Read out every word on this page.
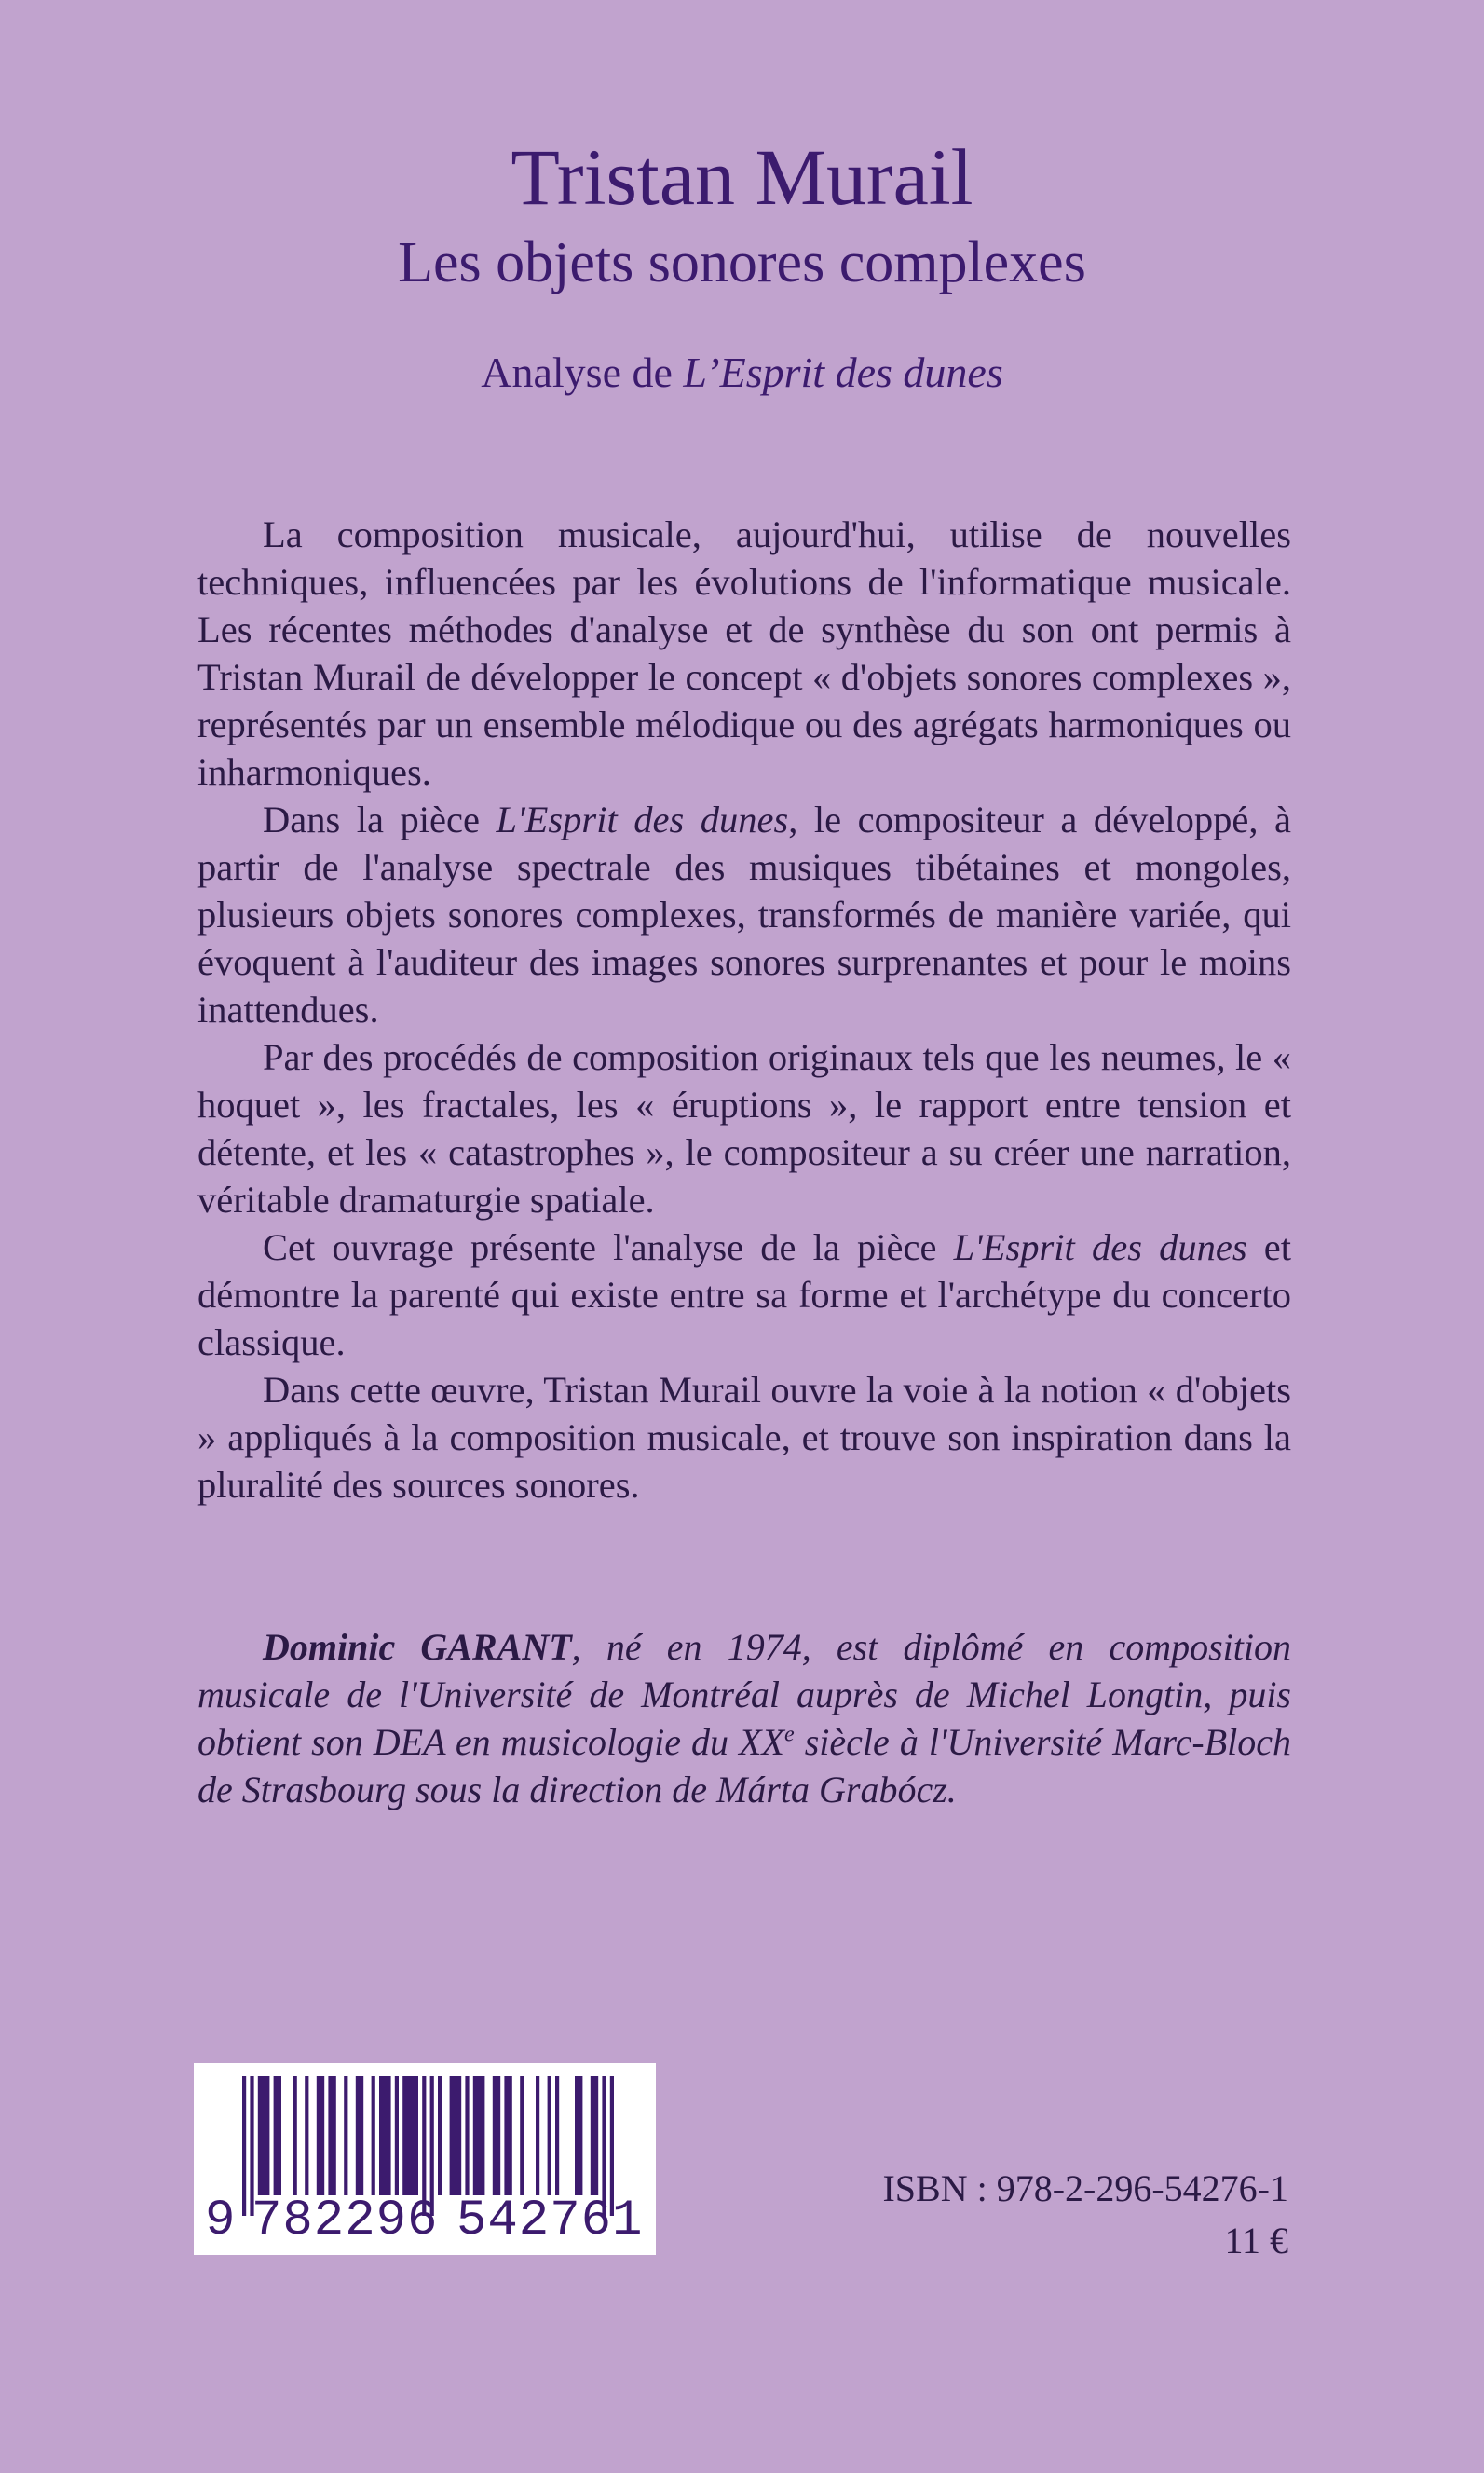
Tristan Murail
Les objets sonores complexes
Analyse de L’Esprit des dunes

La composition musicale, aujourd'hui, utilise de nouvelles techniques, influencées par les évolutions de l'informatique musicale. Les récentes méthodes d'analyse et de synthèse du son ont permis à Tristan Murail de développer le concept « d'objets sonores complexes », représentés par un ensemble mélodique ou des agrégats harmoniques ou inharmoniques.

Dans la pièce L'Esprit des dunes, le compositeur a développé, à partir de l'analyse spectrale des musiques tibétaines et mongoles, plusieurs objets sonores complexes, transformés de manière variée, qui évoquent à l'auditeur des images sonores surprenantes et pour le moins inattendues.

Par des procédés de composition originaux tels que les neumes, le « hoquet », les fractales, les « éruptions », le rapport entre tension et détente, et les « catastrophes », le compositeur a su créer une narration, véritable dramaturgie spatiale.

Cet ouvrage présente l'analyse de la pièce L'Esprit des dunes et démontre la parenté qui existe entre sa forme et l'archétype du concerto classique.

Dans cette œuvre, Tristan Murail ouvre la voie à la notion « d'objets » appliqués à la composition musicale, et trouve son inspiration dans la pluralité des sources sonores.

Dominic GARANT, né en 1974, est diplômé en composition musicale de l'Université de Montréal auprès de Michel Longtin, puis obtient son DEA en musicologie du XXe siècle à l'Université Marc-Bloch de Strasbourg sous la direction de Márta Grabócz.

9

782296

542761

ISBN : 978-2-296-54276-1
11 €
